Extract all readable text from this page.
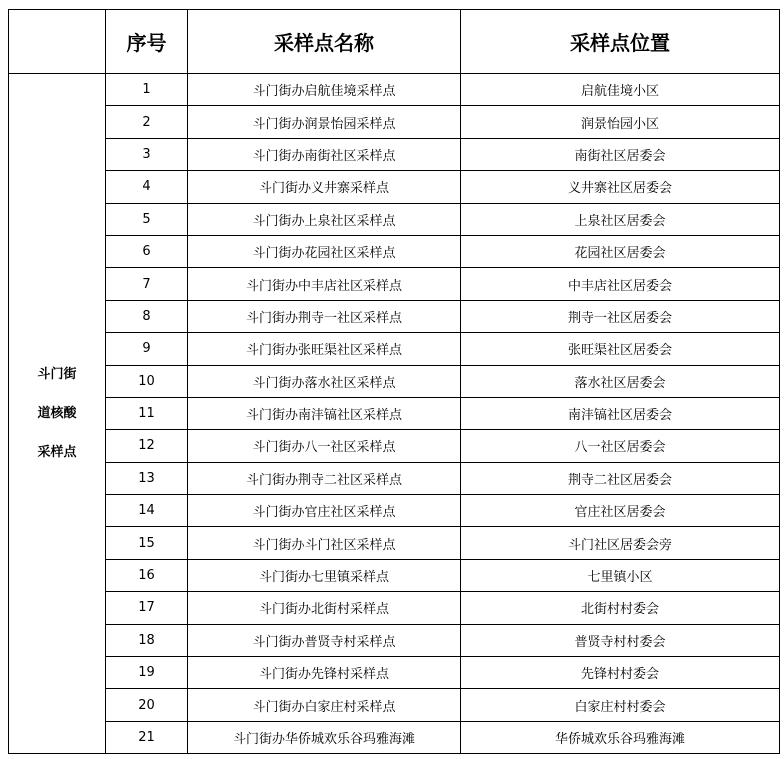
	序号	采样点名称	采样点位置
斗门街道核酸采样点	1	斗门街办启航佳境采样点	启航佳境小区
	2	斗门街办润景怡园采样点	润景怡园小区
	3	斗门街办南街社区采样点	南街社区居委会
	4	斗门街办义井寨采样点	义井寨社区居委会
	5	斗门街办上泉社区采样点	上泉社区居委会
	6	斗门街办花园社区采样点	花园社区居委会
	7	斗门街办中丰店社区采样点	中丰店社区居委会
	8	斗门街办荆寺一社区采样点	荆寺一社区居委会
	9	斗门街办张旺渠社区采样点	张旺渠社区居委会
	10	斗门街办落水社区采样点	落水社区居委会
	11	斗门街办南沣镐社区采样点	南沣镐社区居委会
	12	斗门街办八一社区采样点	八一社区居委会
	13	斗门街办荆寺二社区采样点	荆寺二社区居委会
	14	斗门街办官庄社区采样点	官庄社区居委会
	15	斗门街办斗门社区采样点	斗门社区居委会旁
	16	斗门街办七里镇采样点	七里镇小区
	17	斗门街办北街村采样点	北街村村委会
	18	斗门街办普贤寺村采样点	普贤寺村村委会
	19	斗门街办先锋村采样点	先锋村村委会
	20	斗门街办白家庄村采样点	白家庄村村委会
	21	斗门街办华侨城欢乐谷玛雅海滩	华侨城欢乐谷玛雅海滩
